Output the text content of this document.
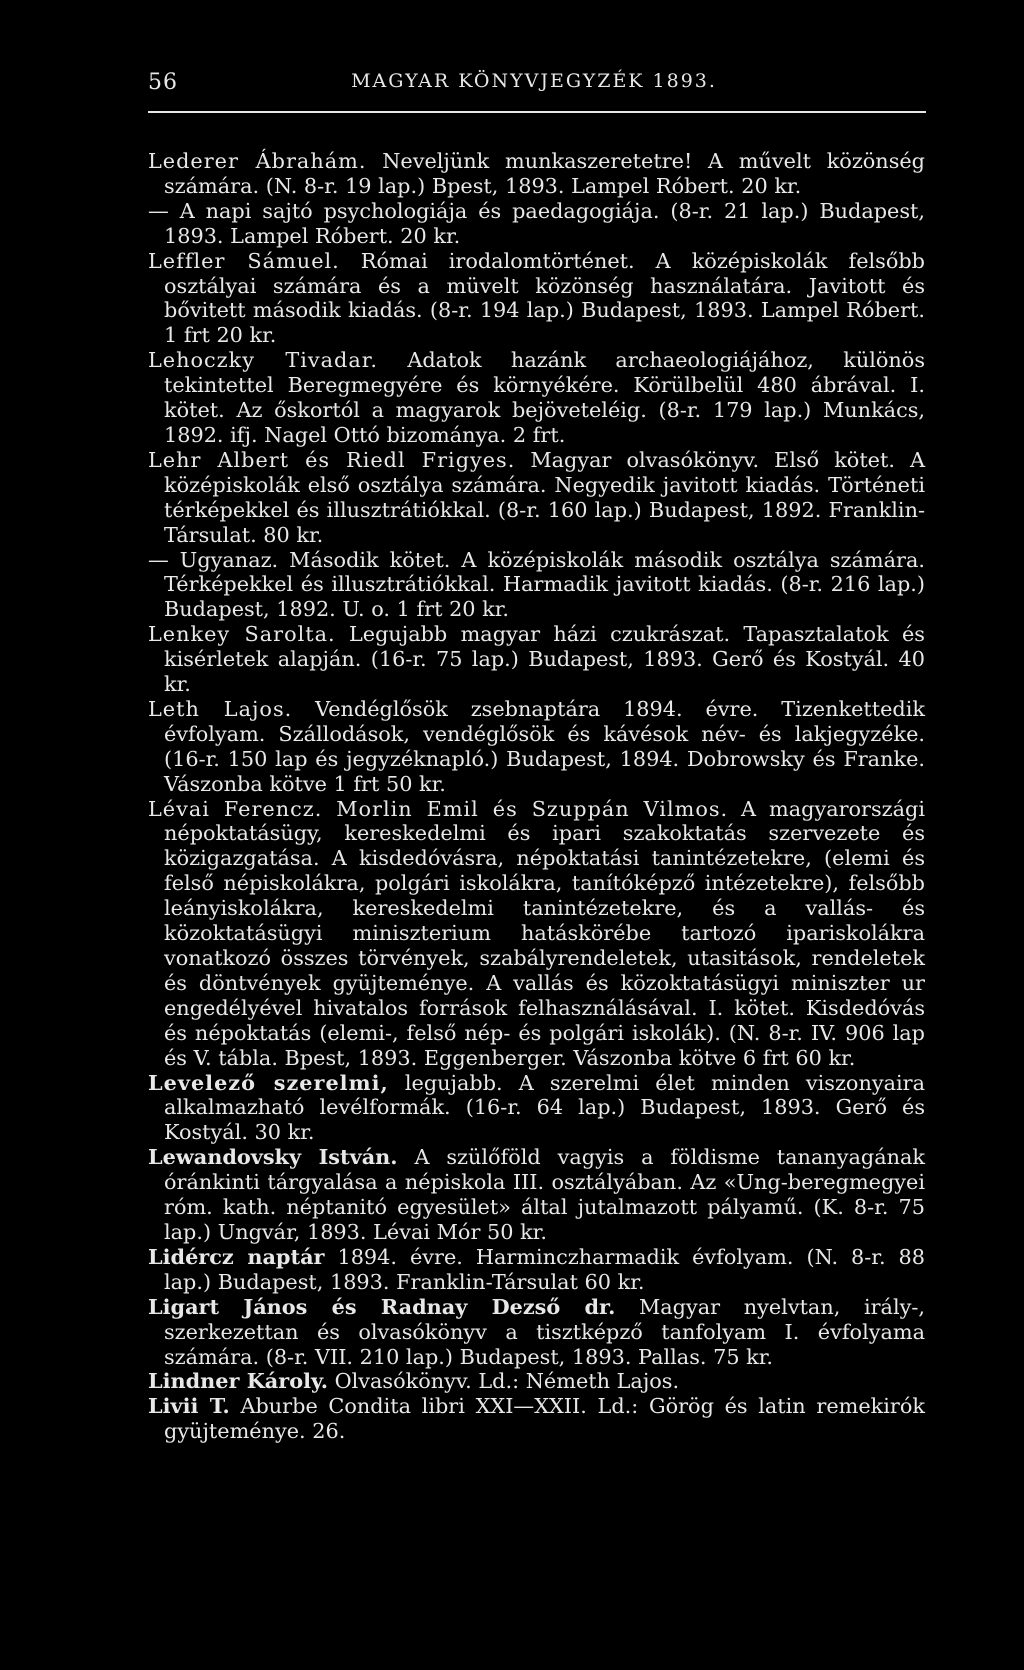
56	MAGYAR KÖNYVJEGYZÉK 1893.
Lederer Ábrahám. Neveljünk munkaszeretetre! A művelt közönség számára. (N. 8-r. 19 lap.) Bpest, 1893. Lampel Róbert. 20 kr.
— A napi sajtó psychologiája és paedagogiája. (8-r. 21 lap.) Budapest, 1893. Lampel Róbert. 20 kr.
Leffler Sámuel. Római irodalomtörténet. A középiskolák felsőbb osztályai számára és a müvelt közönség használatára. Javitott és bővitett második kiadás. (8-r. 194 lap.) Budapest, 1893. Lampel Róbert. 1 frt 20 kr.
Lehoczky Tivadar. Adatok hazánk archaeologiájához, különös tekintettel Beregmegyére és környékére. Körülbelül 480 ábrával. I. kötet. Az őskortól a magyarok bejöveteléig. (8-r. 179 lap.) Munkács, 1892. ifj. Nagel Ottó bizománya. 2 frt.
Lehr Albert és Riedl Frigyes. Magyar olvasókönyv. Első kötet. A középiskolák első osztálya számára. Negyedik javitott kiadás. Történeti térképekkel és illusztrátiókkal. (8-r. 160 lap.) Budapest, 1892. Franklin-Társulat. 80 kr.
— Ugyanaz. Második kötet. A középiskolák második osztálya számára. Térképekkel és illusztrátiókkal. Harmadik javitott kiadás. (8-r. 216 lap.) Budapest, 1892. U. o. 1 frt 20 kr.
Lenkey Sarolta. Legujabb magyar házi czukrászat. Tapasztalatok és kisérletek alapján. (16-r. 75 lap.) Budapest, 1893. Gerő és Kostyál. 40 kr.
Leth Lajos. Vendéglősök zsebnaptára 1894. évre. Tizenkettedik évfolyam. Szállodások, vendéglősök és kávésok név- és lakjegyzéke. (16-r. 150 lap és jegyzéknapló.) Budapest, 1894. Dobrowsky és Franke. Vászonba kötve 1 frt 50 kr.
Lévai Ferencz. Morlin Emil és Szuppán Vilmos. A magyarországi népoktatásügy, kereskedelmi és ipari szakoktatás szervezete és közigazgatása. A kisdedóvásra, népoktatási tanintézetekre, (elemi és felső népiskolákra, polgári iskolákra, tanítóképző intézetekre), felsőbb leányiskolákra, kereskedelmi tanintézetekre, és a vallás- és közoktatásügyi miniszterium hatáskörébe tartozó ipariskolákra vonatkozó összes törvények, szabályrendeletek, utasitások, rendeletek és döntvények gyüjteménye. A vallás és közoktatásügyi miniszter ur engedélyével hivatalos források felhasználásával. I. kötet. Kisdedóvás és népoktatás (elemi-, felső nép- és polgári iskolák). (N. 8-r. IV. 906 lap és V. tábla. Bpest, 1893. Eggenberger. Vászonba kötve 6 frt 60 kr.
Levelező szerelmi, legujabb. A szerelmi élet minden viszonyaira alkalmazható levélformák. (16-r. 64 lap.) Budapest, 1893. Gerő és Kostyál. 30 kr.
Lewandovsky István. A szülőföld vagyis a földisme tananyagának óránkinti tárgyalása a népiskola III. osztályában. Az «Ung-beregmegyei róm. kath. néptanitó egyesület» által jutalmazott pályamű. (K. 8-r. 75 lap.) Ungvár, 1893. Lévai Mór 50 kr.
Lidércz naptár 1894. évre. Harminczharmadik évfolyam. (N. 8-r. 88 lap.) Budapest, 1893. Franklin-Társulat 60 kr.
Ligart János és Radnay Dezső dr. Magyar nyelvtan, irály-, szerkezettan és olvasókönyv a tisztképző tanfolyam I. évfolyama számára. (8-r. VII. 210 lap.) Budapest, 1893. Pallas. 75 kr.
Lindner Károly. Olvasókönyv. Ld.: Németh Lajos.
Livii T. Aburbe Condita libri XXI—XXII. Ld.: Görög és latin remekirók gyüjteménye. 26.
